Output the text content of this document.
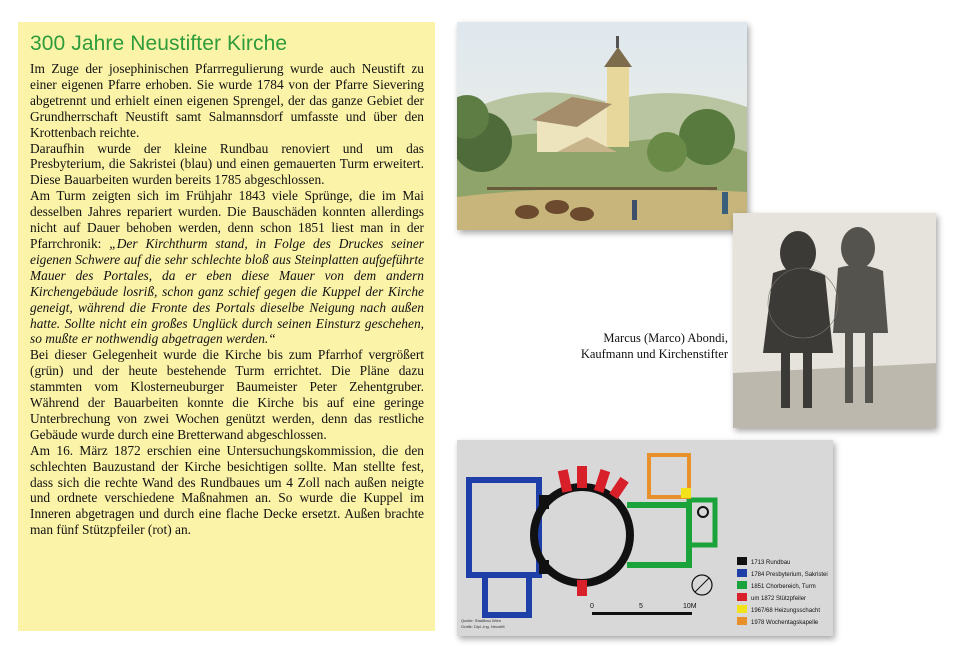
300 Jahre Neustifter Kirche

Im Zuge der josephinischen Pfarrregulierung wurde auch Neustift zu einer eigenen Pfarre erhoben. Sie wurde 1784 von der Pfarre Sievering abgetrennt und erhielt einen eigenen Sprengel, der das ganze Gebiet der Grundherrschaft Neustift samt Salmannsdorf umfasste und über den Krottenbach reichte.

Daraufhin wurde der kleine Rundbau renoviert und um das Presbyterium, die Sakristei (blau) und einen gemauerten Turm erweitert. Diese Bauarbeiten wurden bereits 1785 abgeschlossen.

Am Turm zeigten sich im Frühjahr 1843 viele Sprünge, die im Mai desselben Jahres repariert wurden. Die Bauschäden konnten allerdings nicht auf Dauer behoben werden, denn schon 1851 liest man in der Pfarrchronik: „Der Kirchthurm stand, in Folge des Druckes seiner eigenen Schwere auf die sehr schlechte bloß aus Steinplatten aufgeführte Mauer des Portales, da er eben diese Mauer von dem andern Kirchengebäude losriß, schon ganz schief gegen die Kuppel der Kirche geneigt, während die Fronte des Portals dieselbe Neigung nach außen hatte. Sollte nicht ein großes Unglück durch seinen Einsturz geschehen, so mußte er nothwendig abgetragen werden.“

Bei dieser Gelegenheit wurde die Kirche bis zum Pfarrhof vergrößert (grün) und der heute bestehende Turm errichtet. Die Pläne dazu stammten vom Klosterneuburger Baumeister Peter Zehentgruber. Während der Bauarbeiten konnte die Kirche bis auf eine geringe Unterbrechung von zwei Wochen genützt werden, denn das restliche Gebäude wurde durch eine Bretterwand abgeschlossen.

Am 16. März 1872 erschien eine Untersuchungskommission, die den schlechten Bauzustand der Kirche besichtigen sollte. Man stellte fest, dass sich die rechte Wand des Rundbaues um 4 Zoll nach außen neigte und ordnete verschiedene Maßnahmen an. So wurde die Kuppel im Inneren abgetragen und durch eine flache Decke ersetzt. Außen brachte man fünf Stützpfeiler (rot) an.

Marcus (Marco) Abondi,
Kaufmann und Kirchenstifter
0	5	10M
1713 Rundbau
1784 Presbyterium, Sakristei
1851 Chorbereich, Turm
um 1872 Stützpfeiler
1967/68 Heizungsschacht
1978 Wochentagskapelle
Quelle: Stadtbau Wien
Grafik: Dipl.-Ing. Neustift
